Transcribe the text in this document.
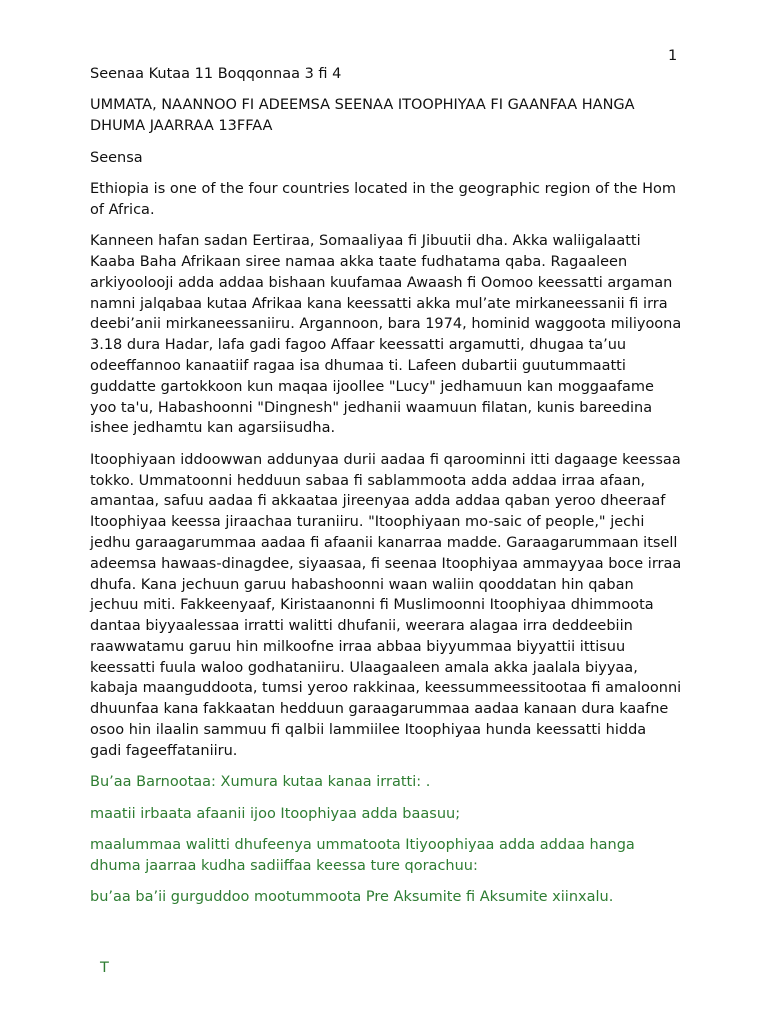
1

Seenaa Kutaa 11 Boqqonnaa 3 fi 4

UMMATA, NAANNOO FI ADEEMSA SEENAA ITOOPHIYAA FI GAANFAA HANGA DHUMA JAARRAA 13FFAA

Seensa

Ethiopia is one of the four countries located in the geographic region of the Hom of Africa.

Kanneen hafan sadan Eertiraa, Somaaliyaa fi Jibuutii dha. Akka waliigalaatti Kaaba Baha Afrikaan siree namaa akka taate fudhatama qaba. Ragaaleen arkiyoolooji adda addaa bishaan kuufamaa Awaash fi Oomoo keessatti argaman namni jalqabaa kutaa Afrikaa kana keessatti akka mul’ate mirkaneessanii fi irra deebi’anii mirkaneessaniiru. Argannoon, bara 1974, hominid waggoota miliyoona 3.18 dura Hadar, lafa gadi fagoo Affaar keessatti argamutti, dhugaa ta’uu odeeffannoo kanaatiif ragaa isa dhumaa ti. Lafeen dubartii guutummaatti guddatte gartokkoon kun maqaa ijoollee "Lucy" jedhamuun kan moggaafame yoo ta'u, Habashoonni "Dingnesh" jedhanii waamuun filatan, kunis bareedina ishee jedhamtu kan agarsiisudha.

Itoophiyaan iddoowwan addunyaa durii aadaa fi qaroominni itti dagaage keessaa tokko. Ummatoonni hedduun sabaa fi sablammoota adda addaa irraa afaan, amantaa, safuu aadaa fi akkaataa jireenyaa adda addaa qaban yeroo dheeraaf Itoophiyaa keessa jiraachaa turaniiru. "Itoophiyaan mo-saic of people," jechi jedhu garaagarummaa aadaa fi afaanii kanarraa madde. Garaagarummaan itsell adeemsa hawaas-dinagdee, siyaasaa, fi seenaa Itoophiyaa ammayyaa boce irraa dhufa. Kana jechuun garuu habashoonni waan waliin qooddatan hin qaban jechuu miti. Fakkeenyaaf, Kiristaanonni fi Muslimoonni Itoophiyaa dhimmoota dantaa biyyaalessaa irratti walitti dhufanii, weerara alagaa irra deddeebiin raawwatamu garuu hin milkoofne irraa abbaa biyyummaa biyyattii ittisuu keessatti fuula waloo godhataniiru. Ulaagaaleen amala akka jaalala biyyaa, kabaja maanguddoota, tumsi yeroo rakkinaa, keessummeessitootaa fi amaloonni dhuunfaa kana fakkaatan hedduun garaagarummaa aadaa kanaan dura kaafne osoo hin ilaalin sammuu fi qalbii lammiilee Itoophiyaa hunda keessatti hidda gadi fageeffataniiru.

Bu’aa Barnootaa: Xumura kutaa kanaa irratti: .

maatii irbaata afaanii ijoo Itoophiyaa adda baasuu;

maalummaa walitti dhufeenya ummatoota Itiyoophiyaa adda addaa hanga dhuma jaarraa kudha sadiiffaa keessa ture qorachuu:

bu’aa ba’ii gurguddoo mootummoota Pre Aksumite fi Aksumite xiinxalu.

T
